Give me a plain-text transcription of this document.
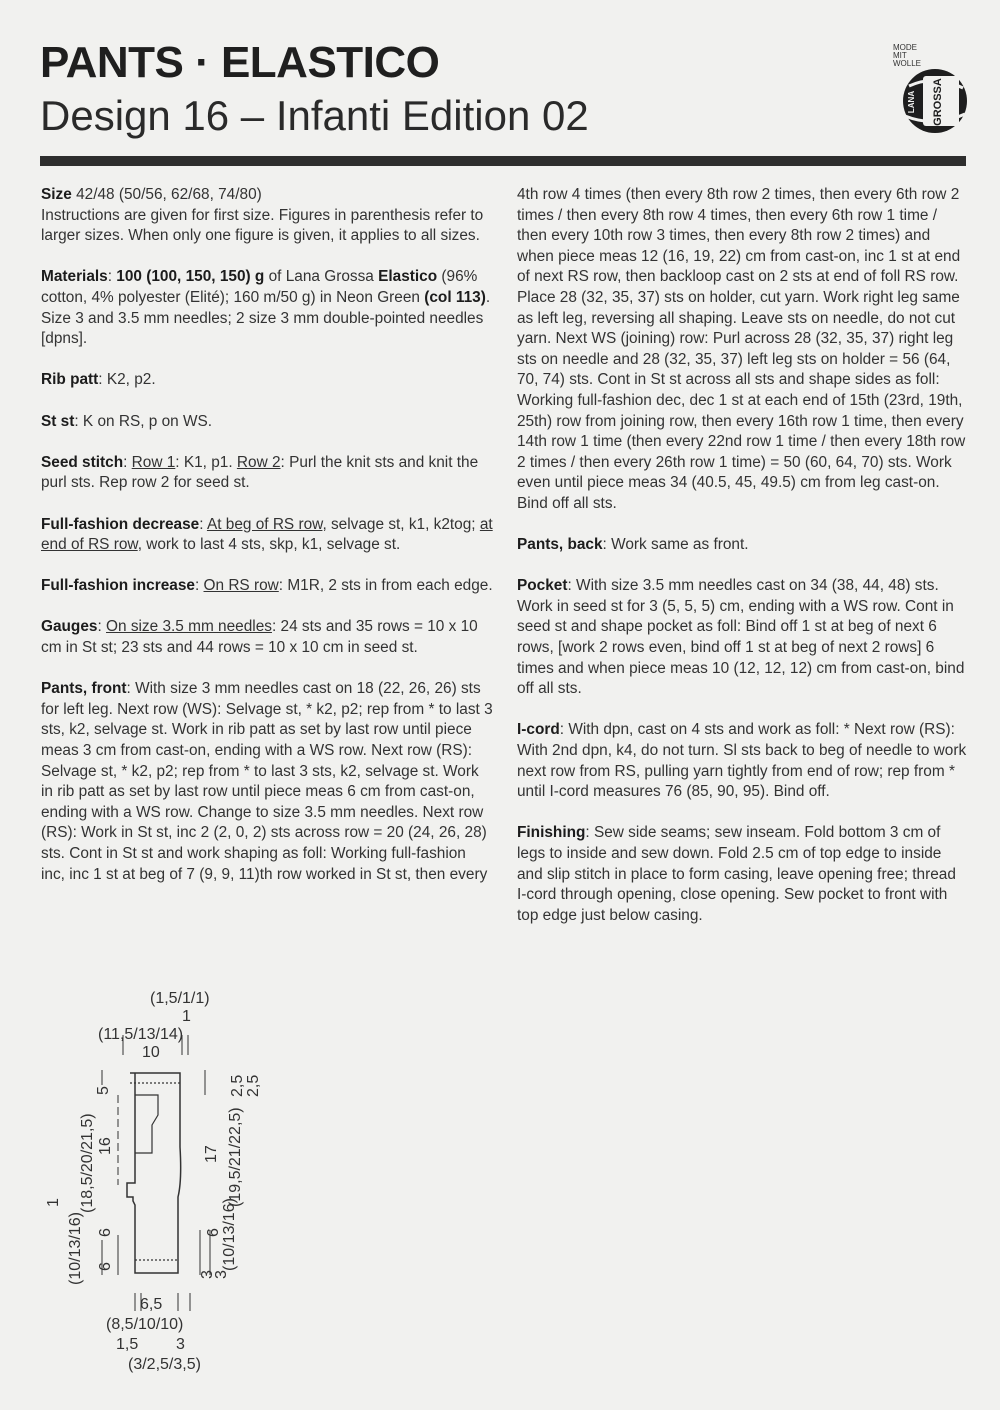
PANTS · ELASTICO
Design 16 – Infanti Edition 02
MODE
MIT
WOLLE
GROSSA
LANA

Size 42/48 (50/56, 62/68, 74/80)
Instructions are given for first size. Figures in parenthesis refer to larger sizes. When only one figure is given, it applies to all sizes.

Materials: 100 (100, 150, 150) g of Lana Grossa Elastico (96% cotton, 4% polyester (Elité); 160 m/50 g) in Neon Green (col 113). Size 3 and 3.5 mm needles; 2 size 3 mm double-pointed needles [dpns].

Rib patt: K2, p2.

St st: K on RS, p on WS.

Seed stitch: Row 1: K1, p1. Row 2: Purl the knit sts and knit the purl sts. Rep row 2 for seed st.

Full-fashion decrease: At beg of RS row, selvage st, k1, k2tog; at end of RS row, work to last 4 sts, skp, k1, selvage st.

Full-fashion increase: On RS row: M1R, 2 sts in from each edge.

Gauges: On size 3.5 mm needles: 24 sts and 35 rows = 10 x 10 cm in St st; 23 sts and 44 rows = 10 x 10 cm in seed st.

Pants, front: With size 3 mm needles cast on 18 (22, 26, 26) sts for left leg. Next row (WS): Selvage st, * k2, p2; rep from * to last 3 sts, k2, selvage st. Work in rib patt as set by last row until piece meas 3 cm from cast-on, ending with a WS row. Next row (RS): Selvage st, * k2, p2; rep from * to last 3 sts, k2, selvage st. Work in rib patt as set by last row until piece meas 6 cm from cast-on, ending with a WS row. Change to size 3.5 mm needles. Next row (RS): Work in St st, inc 2 (2, 0, 2) sts across row = 20 (24, 26, 28) sts. Cont in St st and work shaping as foll: Working full-fashion inc, inc 1 st at beg of 7 (9, 9, 11)th row worked in St st, then every

4th row 4 times (then every 8th row 2 times, then every 6th row 2 times / then every 8th row 4 times, then every 6th row 1 time / then every 10th row 3 times, then every 8th row 2 times) and when piece meas 12 (16, 19, 22) cm from cast-on, inc 1 st at end of next RS row, then backloop cast on 2 sts at end of foll RS row. Place 28 (32, 35, 37) sts on holder, cut yarn. Work right leg same as left leg, reversing all shaping. Leave sts on needle, do not cut yarn. Next WS (joining) row: Purl across 28 (32, 35, 37) right leg sts on needle and 28 (32, 35, 37) left leg sts on holder = 56 (64, 70, 74) sts. Cont in St st across all sts and shape sides as foll: Working full-fashion dec, dec 1 st at each end of 15th (23rd, 19th, 25th) row from joining row, then every 16th row 1 time, then every 14th row 1 time (then every 22nd row 1 time / then every 18th row 2 times / then every 26th row 1 time) = 50 (60, 64, 70) sts. Work even until piece meas 34 (40.5, 45, 49.5) cm from leg cast-on. Bind off all sts.

Pants, back: Work same as front.

Pocket: With size 3.5 mm needles cast on 34 (38, 44, 48) sts. Work in seed st for 3 (5, 5, 5) cm, ending with a WS row. Cont in seed st and shape pocket as foll: Bind off 1 st at beg of next 6 rows, [work 2 rows even, bind off 1 st at beg of next 2 rows] 6 times and when piece meas 10 (12, 12, 12) cm from cast-on, bind off all sts.

I-cord: With dpn, cast on 4 sts and work as foll: * Next row (RS): With 2nd dpn, k4, do not turn. Sl sts back to beg of needle to work next row from RS, pulling yarn tightly from end of row; rep from * until I-cord measures 76 (85, 90, 95). Bind off.

Finishing: Sew side seams; sew inseam. Fold bottom 3 cm of legs to inside and sew down. Fold 2.5 cm of top edge to inside and slip stitch in place to form casing, leave opening free; thread I-cord through opening, close opening. Sew pocket to front with top edge just below casing.

(1,5/1/1)
1
(11,5/13/14)
10
5
16
(18,5/20/21,5)
6
6
1
(10/13/16)
2,5 2,5
17 (19,5/21/22,5)
6 (10/13/16)
3
3
6,5
(8,5/10/10)
1,5 3
(3/2,5/3,5)
